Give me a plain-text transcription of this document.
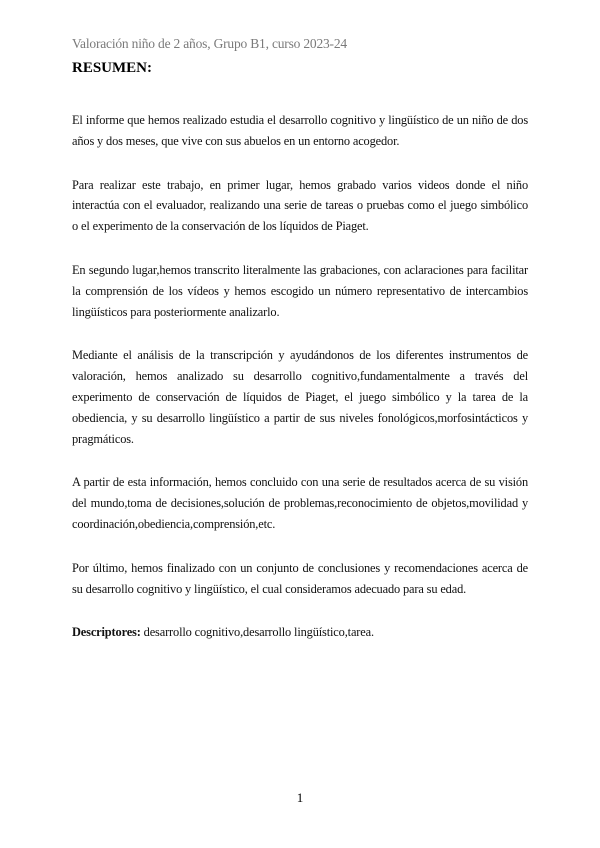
Valoración niño de 2 años, Grupo B1, curso 2023-24
RESUMEN:

El informe que hemos realizado estudia el desarrollo cognitivo y lingüístico de un niño de dos años y dos meses, que vive con sus abuelos en un entorno acogedor.

Para realizar este trabajo, en primer lugar, hemos grabado varios videos donde el niño interactúa con el evaluador, realizando una serie de tareas o pruebas como el juego simbólico o el experimento de la conservación de los líquidos de Piaget.

En segundo lugar,hemos transcrito literalmente las grabaciones, con aclaraciones para facilitar la comprensión de los vídeos y hemos escogido un número representativo de intercambios lingüísticos para posteriormente analizarlo.

Mediante el análisis de la transcripción y ayudándonos de los diferentes instrumentos de valoración, hemos analizado su desarrollo cognitivo,fundamentalmente a través del experimento de conservación de líquidos de Piaget, el juego simbólico y la tarea de la obediencia, y su desarrollo lingüístico a partir de sus niveles fonológicos,morfosintácticos y pragmáticos.

A partir de esta información, hemos concluido con una serie de resultados acerca de su visión del mundo,toma de decisiones,solución de problemas,reconocimiento de objetos,movilidad y coordinación,obediencia,comprensión,etc.

Por último, hemos finalizado con un conjunto de conclusiones y recomendaciones acerca de su desarrollo cognitivo y lingüístico, el cual consideramos adecuado para su edad.

Descriptores: desarrollo cognitivo,desarrollo lingüístico,tarea.

1
